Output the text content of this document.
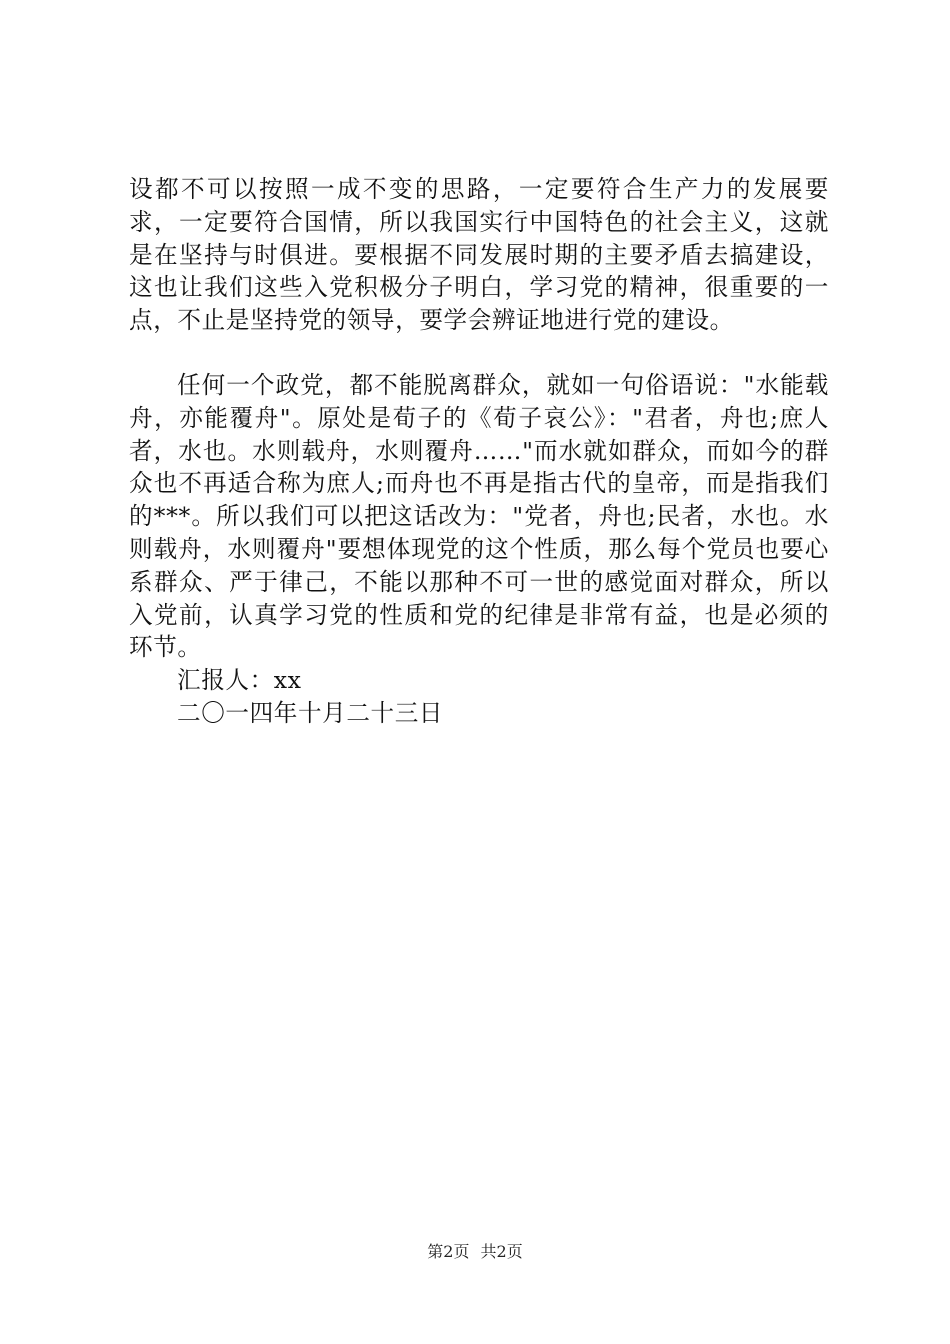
设都不可以按照一成不变的思路，一定要符合生产力的发展要求，一定要符合国情，所以我国实行中国特色的社会主义，这就是在坚持与时俱进。要根据不同发展时期的主要矛盾去搞建设，这也让我们这些入党积极分子明白，学习党的精神，很重要的一点，不止是坚持党的领导，要学会辨证地进行党的建设。

任何一个政党，都不能脱离群众，就如一句俗语说："水能载舟，亦能覆舟"。原处是荀子的《荀子哀公》："君者，舟也;庶人者，水也。水则载舟，水则覆舟……"而水就如群众，而如今的群众也不再适合称为庶人;而舟也不再是指古代的皇帝，而是指我们的***。所以我们可以把这话改为："党者，舟也;民者，水也。水则载舟，水则覆舟"要想体现党的这个性质，那么每个党员也要心系群众、严于律己，不能以那种不可一世的感觉面对群众，所以入党前，认真学习党的性质和党的纪律是非常有益，也是必须的环节。

汇报人：xx

二〇一四年十月二十三日

第2页 共2页
